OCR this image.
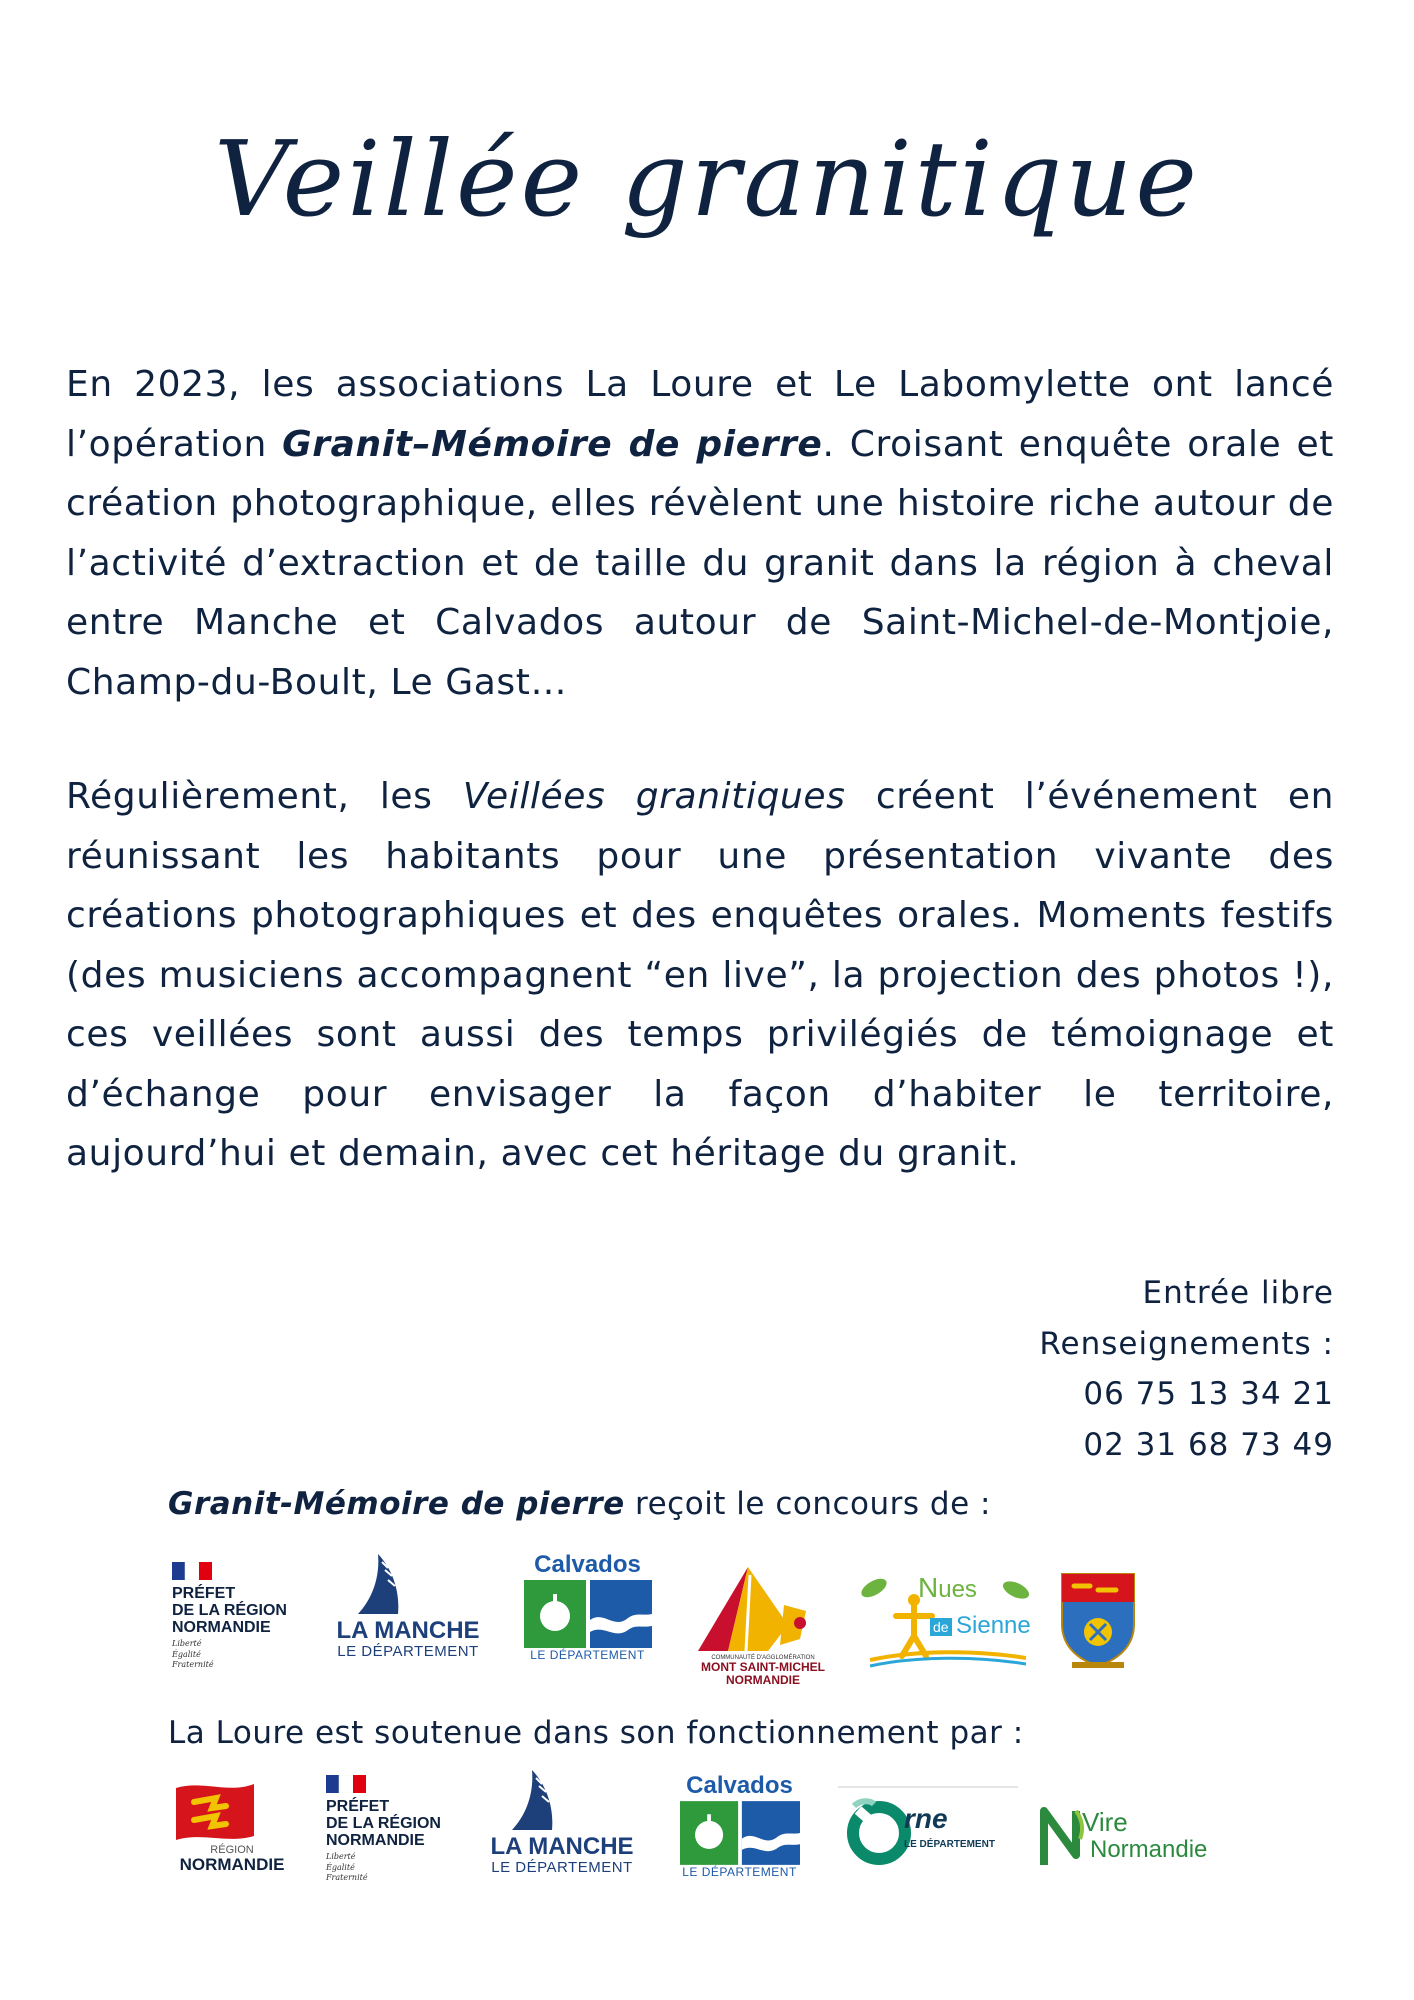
Veillée granitique

En 2023, les associations La Loure et Le Labomylette ont lancé l’opération Granit–Mémoire de pierre. Croisant enquête orale et création photographique, elles révèlent une histoire riche autour de l’activité d’extraction et de taille du granit dans la région à cheval entre Manche et Calvados autour de Saint-Michel-de-Montjoie, Champ-du-Boult, Le Gast…

Régulièrement, les Veillées granitiques créent l’événement en réunissant les habitants pour une présentation vivante des créations photographiques et des enquêtes orales. Moments festifs (des musiciens accompagnent “en live”, la projection des photos !), ces veillées sont aussi des temps privilégiés de témoignage et d’échange pour envisager la façon d’habiter le territoire, aujourd’hui et demain, avec cet héritage du granit.

Entrée libre
Renseignements :
06 75 13 34 21
02 31 68 73 49
Granit-Mémoire de pierre reçoit le concours de :
PRÉFET
DE LA RÉGION
NORMANDIE
Liberté
Égalité
Fraternité
LA MANCHE
LE DÉPARTEMENT
Calvados
LE DÉPARTEMENT	COMMUNAUTÉ D'AGGLOMÉRATION
MONT SAINT-MICHEL
NORMANDIE
Nues
de Sienne
La Loure est soutenue dans son fonctionnement par :
RÉGION
NORMANDIE
PRÉFET
DE LA RÉGION
NORMANDIE
Liberté
Égalité
Fraternité
LA MANCHE
LE DÉPARTEMENT
Calvados
LE DÉPARTEMENT
rne
LE DÉPARTEMENT
Vire
Normandie
